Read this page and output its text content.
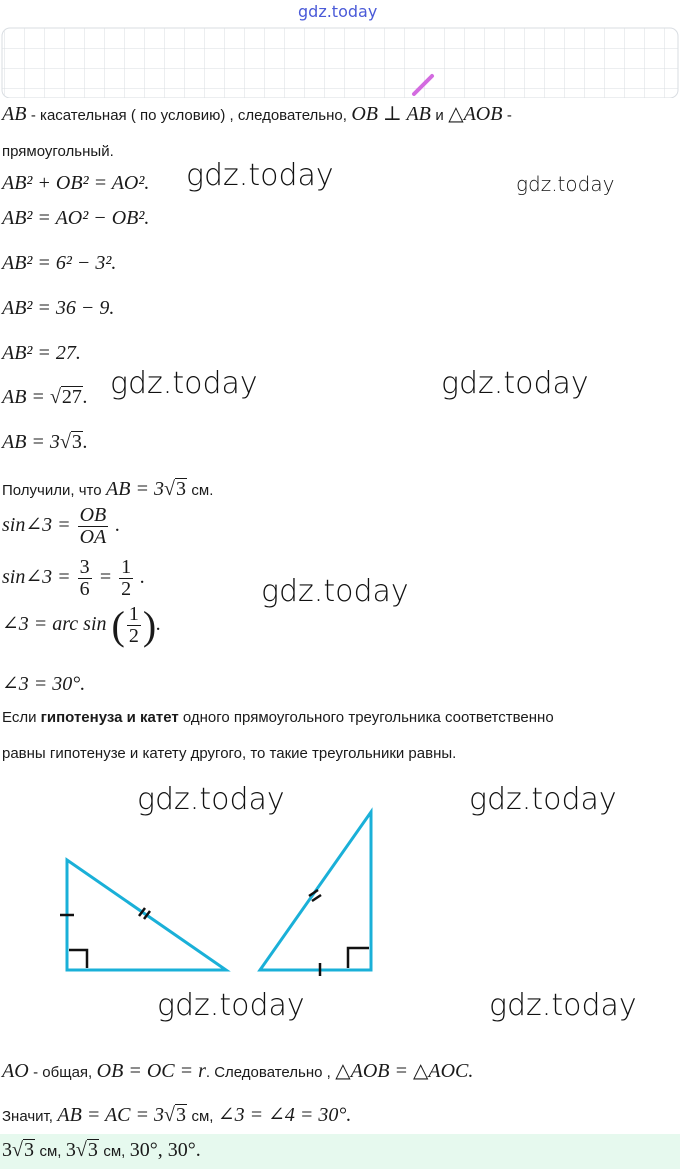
gdz.today
AB - касательная ( по условию) , следовательно, OB ⊥ AB и △AOB -
прямоугольный.
AB² + OB² = AO².
AB² = AO² − OB².
AB² = 6² − 3².
AB² = 36 − 9.
AB² = 27.
AB = √27.
AB = 3√3.
Получили, что AB = 3√3 см.
sin∠3 = $\frac{OB}{OA}$ .
sin∠3 = $\frac{3}{6} = \frac{1}{2}$ .
∠3 = arc sin ( $\frac{1}{2}$ ).
∠3 = 30°.
Если гипотенуза и катет одного прямоугольного треугольника соответственно
равны гипотенузе и катету другого, то такие треугольники равны.
AO - общая, OB = OC = r. Следовательно , △AOB = △AOC.
Значит, AB = AC = 3√3 см, ∠3 = ∠4 = 30°.
3√3 см, 3√3 см, 30°, 30°.
gdz.today	gdz.today
gdz.today	gdz.today
gdz.today
gdz.today	gdz.today
gdz.today	gdz.today
